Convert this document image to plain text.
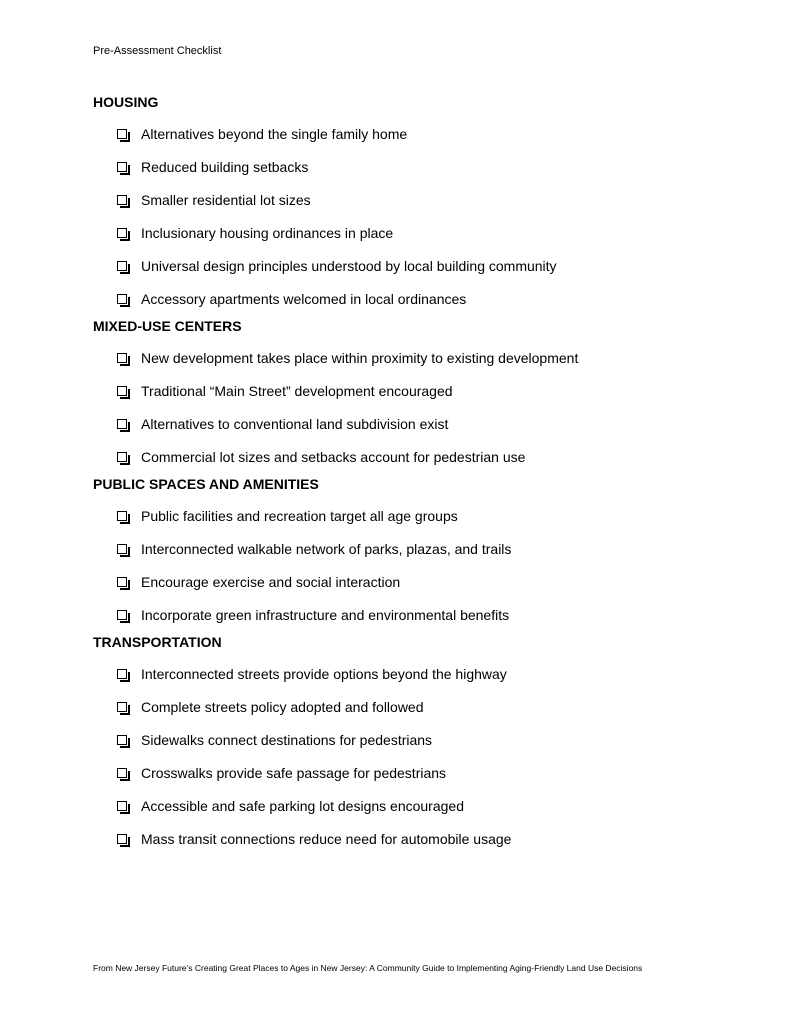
Pre-Assessment Checklist
HOUSING
Alternatives beyond the single family home
Reduced building setbacks
Smaller residential lot sizes
Inclusionary housing ordinances in place
Universal design principles understood by local building community
Accessory apartments welcomed in local ordinances
MIXED-USE CENTERS
New development takes place within proximity to existing development
Traditional “Main Street” development encouraged
Alternatives to conventional land subdivision exist
Commercial lot sizes and setbacks account for pedestrian use
PUBLIC SPACES AND AMENITIES
Public facilities and recreation target all age groups
Interconnected walkable network of parks, plazas, and trails
Encourage exercise and social interaction
Incorporate green infrastructure and environmental benefits
TRANSPORTATION
Interconnected streets provide options beyond the highway
Complete streets policy adopted and followed
Sidewalks connect destinations for pedestrians
Crosswalks provide safe passage for pedestrians
Accessible and safe parking lot designs encouraged
Mass transit connections reduce need for automobile usage
From New Jersey Future’s Creating Great Places to Ages in New Jersey: A Community Guide to Implementing Aging-Friendly Land Use Decisions
